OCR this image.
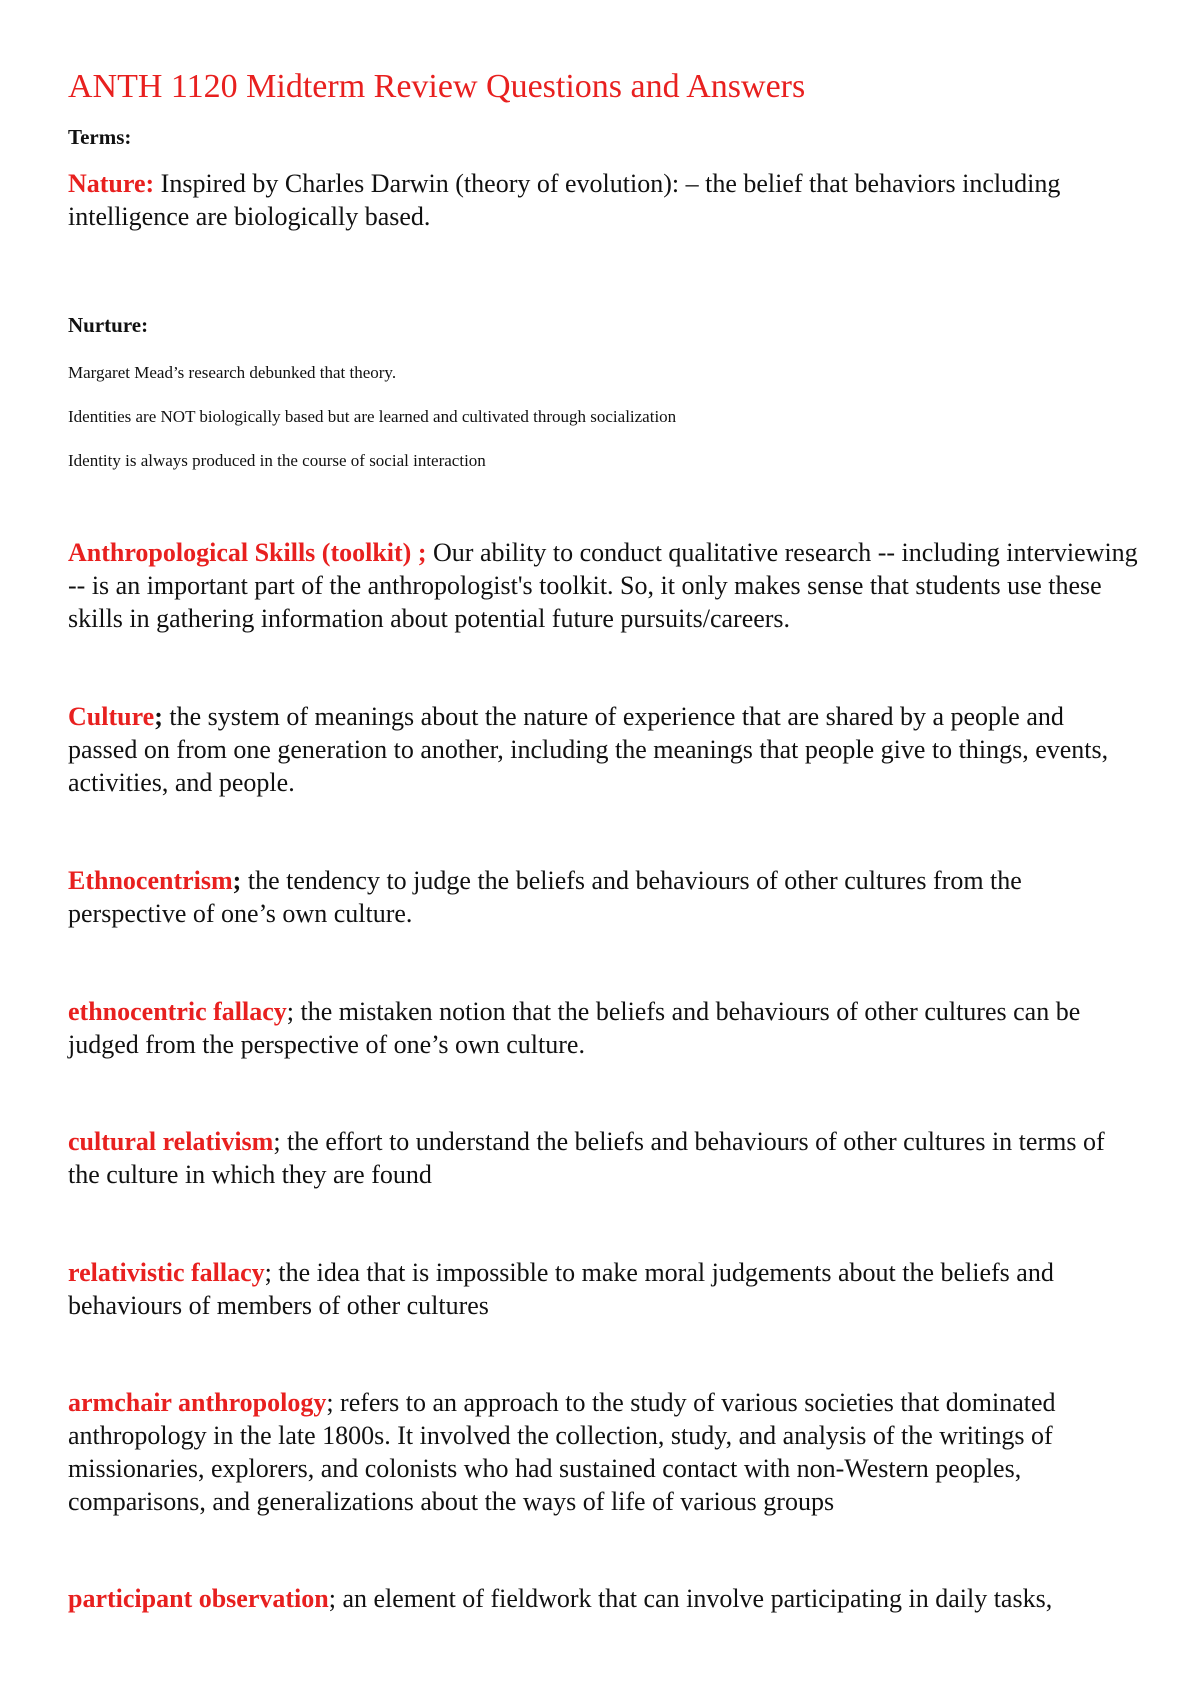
ANTH 1120 Midterm Review Questions and Answers
Terms:
Nature: Inspired by Charles Darwin (theory of evolution): – the belief that behaviors including intelligence are biologically based.
Nurture:
Margaret Mead’s research debunked that theory.
Identities are NOT biologically based but are learned and cultivated through socialization
Identity is always produced in the course of social interaction
Anthropological Skills (toolkit) ; Our ability to conduct qualitative research -- including interviewing -- is an important part of the anthropologist's toolkit. So, it only makes sense that students use these skills in gathering information about potential future pursuits/careers.
Culture; the system of meanings about the nature of experience that are shared by a people and passed on from one generation to another, including the meanings that people give to things, events, activities, and people.
Ethnocentrism; the tendency to judge the beliefs and behaviours of other cultures from the perspective of one’s own culture.
ethnocentric fallacy; the mistaken notion that the beliefs and behaviours of other cultures can be judged from the perspective of one’s own culture.
cultural relativism; the effort to understand the beliefs and behaviours of other cultures in terms of the culture in which they are found
relativistic fallacy; the idea that is impossible to make moral judgements about the beliefs and behaviours of members of other cultures
armchair anthropology; refers to an approach to the study of various societies that dominated anthropology in the late 1800s. It involved the collection, study, and analysis of the writings of missionaries, explorers, and colonists who had sustained contact with non-Western peoples, comparisons, and generalizations about the ways of life of various groups
participant observation; an element of fieldwork that can involve participating in daily tasks,
